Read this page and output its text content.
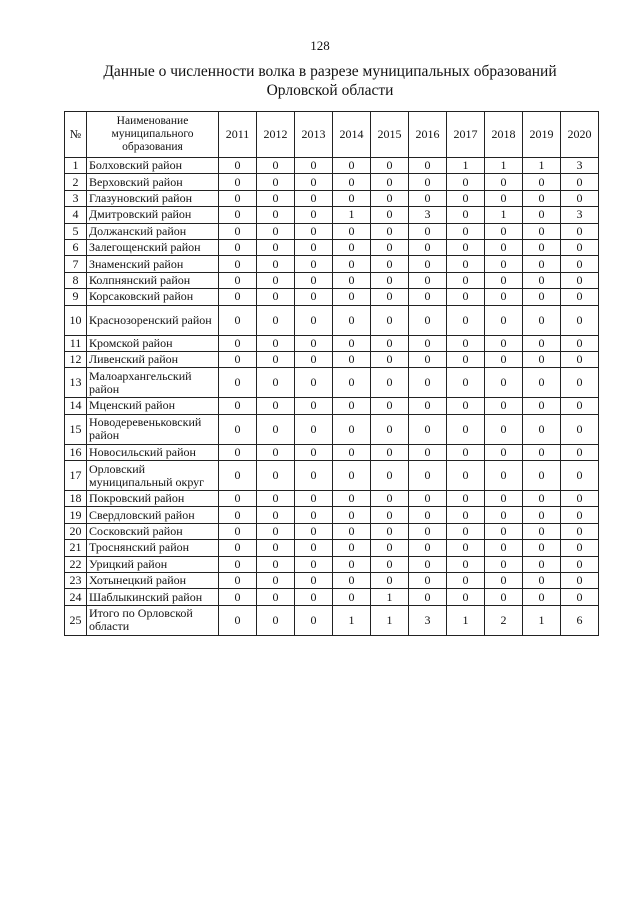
128
Данные о численности волка в разрезе муниципальных образований
Орловской области
№	Наименование муниципального образования	2011	2012	2013	2014	2015	2016	2017	2018	2019	2020
1	Болховский район	0	0	0	0	0	0	1	1	1	3
2	Верховский район	0	0	0	0	0	0	0	0	0	0
3	Глазуновский район	0	0	0	0	0	0	0	0	0	0
4	Дмитровский район	0	0	0	1	0	3	0	1	0	3
5	Должанский район	0	0	0	0	0	0	0	0	0	0
6	Залегощенский район	0	0	0	0	0	0	0	0	0	0
7	Знаменский район	0	0	0	0	0	0	0	0	0	0
8	Колпнянский район	0	0	0	0	0	0	0	0	0	0
9	Корсаковский район	0	0	0	0	0	0	0	0	0	0
10	Краснозоренский район	0	0	0	0	0	0	0	0	0	0
11	Кромской район	0	0	0	0	0	0	0	0	0	0
12	Ливенский район	0	0	0	0	0	0	0	0	0	0
13	Малоархангельский район	0	0	0	0	0	0	0	0	0	0
14	Мценский район	0	0	0	0	0	0	0	0	0	0
15	Новодеревеньковский район	0	0	0	0	0	0	0	0	0	0
16	Новосильский район	0	0	0	0	0	0	0	0	0	0
17	Орловский муниципальный округ	0	0	0	0	0	0	0	0	0	0
18	Покровский район	0	0	0	0	0	0	0	0	0	0
19	Свердловский район	0	0	0	0	0	0	0	0	0	0
20	Сосковский район	0	0	0	0	0	0	0	0	0	0
21	Троснянский район	0	0	0	0	0	0	0	0	0	0
22	Урицкий район	0	0	0	0	0	0	0	0	0	0
23	Хотынецкий район	0	0	0	0	0	0	0	0	0	0
24	Шаблыкинский район	0	0	0	0	1	0	0	0	0	0
25	Итого по Орловской области	0	0	0	1	1	3	1	2	1	6
